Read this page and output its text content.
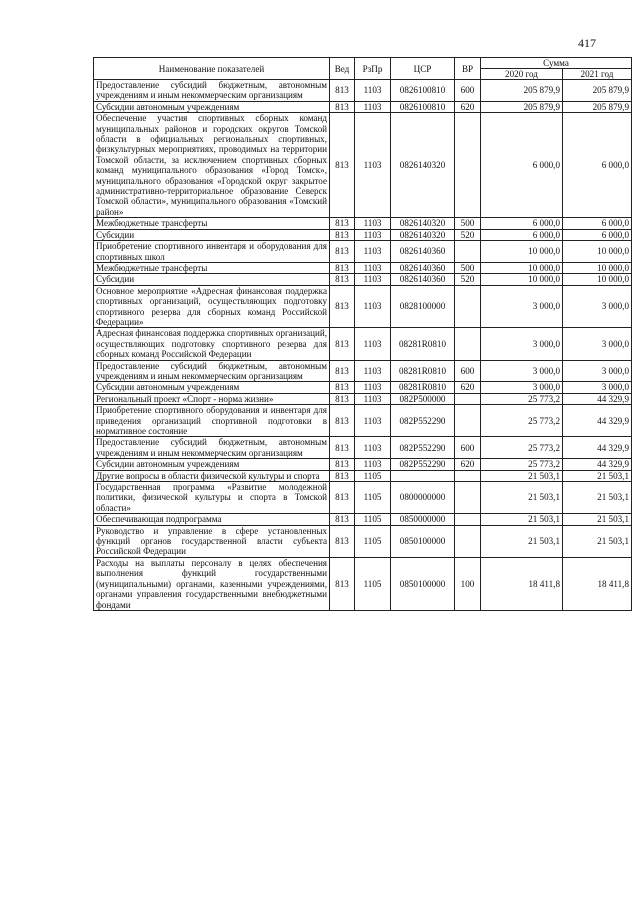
417
Наименование показателей	Вед	РзПр	ЦСР	ВР	Сумма	
					2020 год	2021 год
Предоставление субсидий бюджетным, автономным учреждениям и иным некоммерческим организациям	813	1103	0826100810	600	205 879,9	205 879,9
Субсидии автономным учреждениям	813	1103	0826100810	620	205 879,9	205 879,9
Обеспечение участия спортивных сборных команд муниципальных районов и городских округов Томской области в официальных региональных спортивных, физкультурных мероприятиях, проводимых на территории Томской области, за исключением спортивных сборных команд муниципального образования «Город Томск», муниципального образования «Городской округ закрытое административно-территориальное образование Северск Томской области», муниципального образования «Томский район»	813	1103	0826140320		6 000,0	6 000,0
Межбюджетные трансферты	813	1103	0826140320	500	6 000,0	6 000,0
Субсидии	813	1103	0826140320	520	6 000,0	6 000,0
Приобретение спортивного инвентаря и оборудования для спортивных школ	813	1103	0826140360		10 000,0	10 000,0
Межбюджетные трансферты	813	1103	0826140360	500	10 000,0	10 000,0
Субсидии	813	1103	0826140360	520	10 000,0	10 000,0
Основное мероприятие «Адресная финансовая поддержка спортивных организаций, осуществляющих подготовку спортивного резерва для сборных команд Российской Федерации»	813	1103	0828100000		3 000,0	3 000,0
Адресная финансовая поддержка спортивных организаций, осуществляющих подготовку спортивного резерва для сборных команд Российской Федерации	813	1103	08281R0810		3 000,0	3 000,0
Предоставление субсидий бюджетным, автономным учреждениям и иным некоммерческим организациям	813	1103	08281R0810	600	3 000,0	3 000,0
Субсидии автономным учреждениям	813	1103	08281R0810	620	3 000,0	3 000,0
Региональный проект «Спорт - норма жизни»	813	1103	082P500000		25 773,2	44 329,9
Приобретение спортивного оборудования и инвентаря для приведения организаций спортивной подготовки в нормативное состояние	813	1103	082P552290		25 773,2	44 329,9
Предоставление субсидий бюджетным, автономным учреждениям и иным некоммерческим организациям	813	1103	082P552290	600	25 773,2	44 329,9
Субсидии автономным учреждениям	813	1103	082P552290	620	25 773,2	44 329,9
Другие вопросы в области физической культуры и спорта	813	1105			21 503,1	21 503,1
Государственная программа «Развитие молодежной политики, физической культуры и спорта в Томской области»	813	1105	0800000000		21 503,1	21 503,1
Обеспечивающая подпрограмма	813	1105	0850000000		21 503,1	21 503,1
Руководство и управление в сфере установленных функций органов государственной власти субъекта Российской Федерации	813	1105	0850100000		21 503,1	21 503,1
Расходы на выплаты персоналу в целях обеспечения выполнения функций государственными (муниципальными) органами, казенными учреждениями, органами управления государственными внебюджетными фондами	813	1105	0850100000	100	18 411,8	18 411,8
